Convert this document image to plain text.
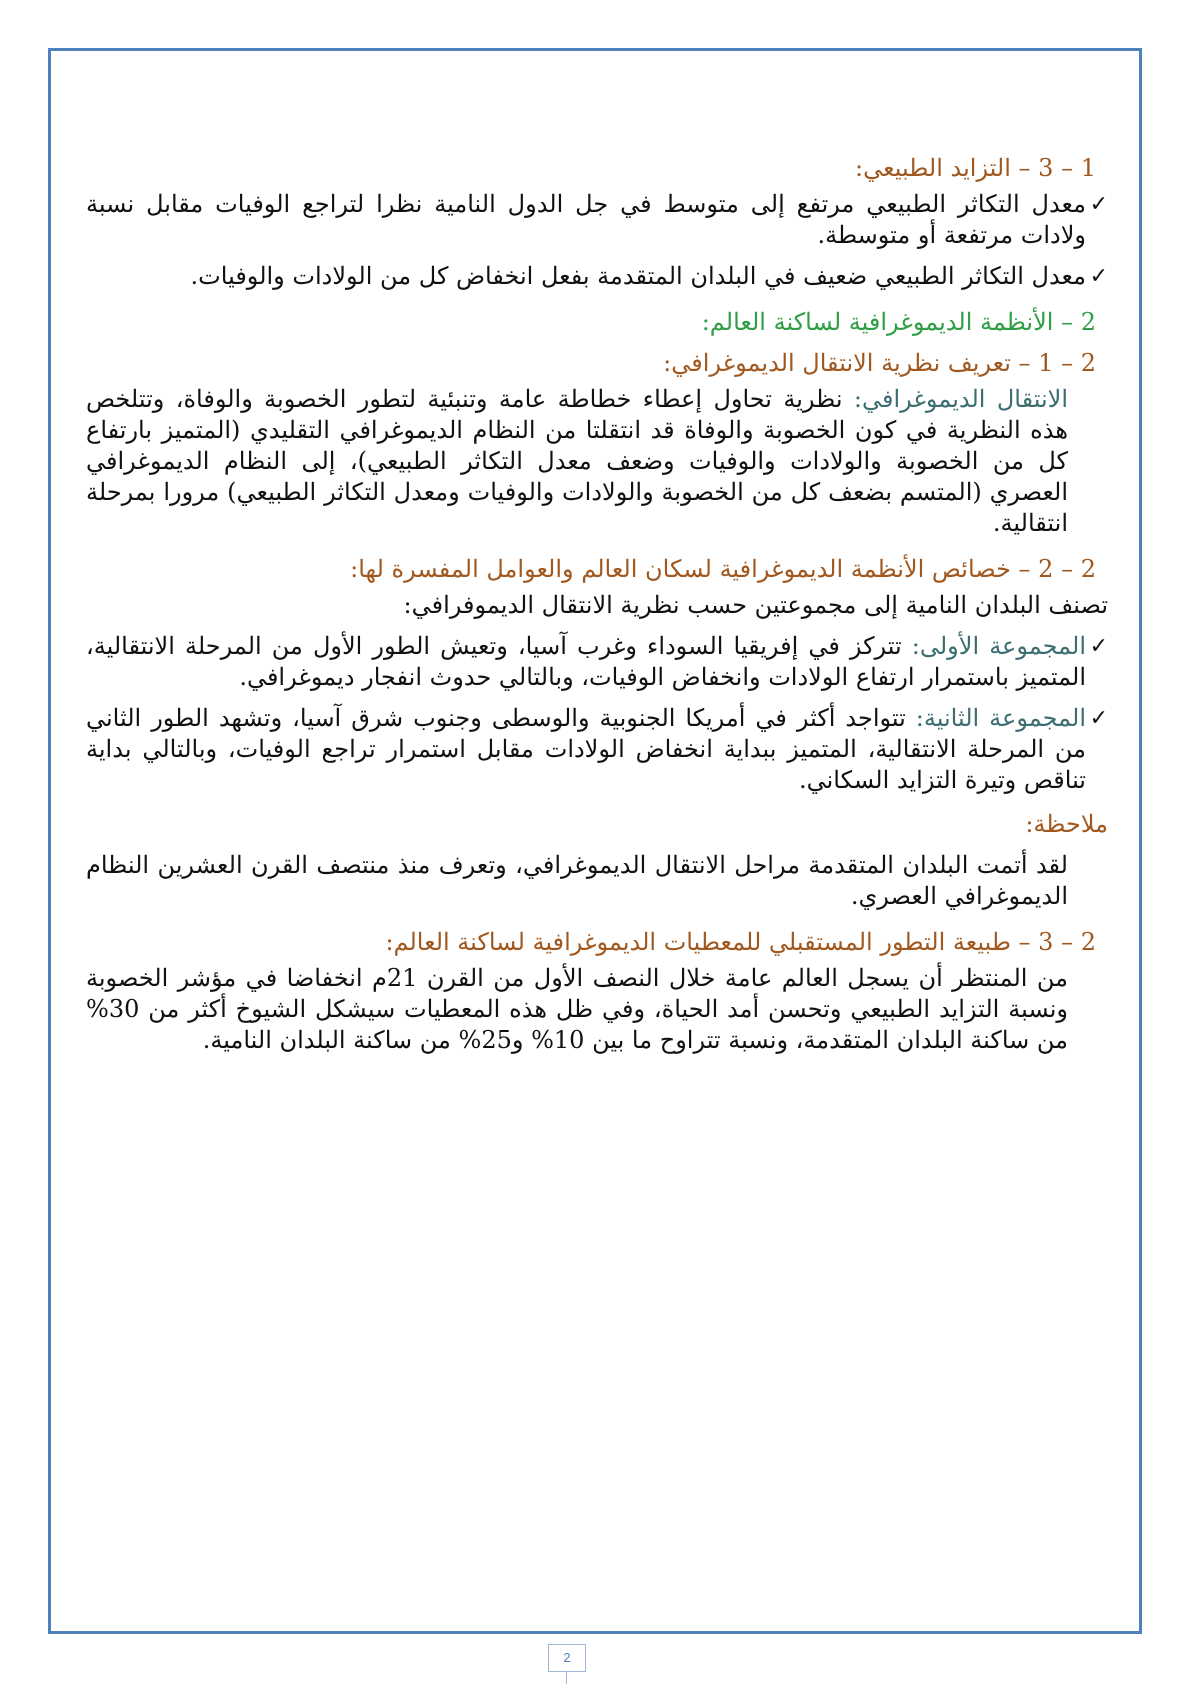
1 – 3 – التزايد الطبيعي:
✓

معدل التكاثر الطبيعي مرتفع إلى متوسط في جل الدول النامية نظرا لتراجع الوفيات مقابل نسبة ولادات مرتفعة أو متوسطة.

✓

معدل التكاثر الطبيعي ضعيف في البلدان المتقدمة بفعل انخفاض كل من الولادات والوفيات.

2 – الأنظمة الديموغرافية لساكنة العالم:
2 – 1 – تعريف نظرية الانتقال الديموغرافي:

الانتقال الديموغرافي: نظرية تحاول إعطاء خطاطة عامة وتنبئية لتطور الخصوبة والوفاة، وتتلخص هذه النظرية في كون الخصوبة والوفاة قد انتقلتا من النظام الديموغرافي التقليدي (المتميز بارتفاع كل من الخصوبة والولادات والوفيات وضعف معدل التكاثر الطبيعي)، إلى النظام الديموغرافي العصري (المتسم بضعف كل من الخصوبة والولادات والوفيات ومعدل التكاثر الطبيعي) مرورا بمرحلة انتقالية.

2 – 2 – خصائص الأنظمة الديموغرافية لسكان العالم والعوامل المفسرة لها:

تصنف البلدان النامية إلى مجموعتين حسب نظرية الانتقال الديموفرافي:

✓

المجموعة الأولى: تتركز في إفريقيا السوداء وغرب آسيا، وتعيش الطور الأول من المرحلة الانتقالية، المتميز باستمرار ارتفاع الولادات وانخفاض الوفيات، وبالتالي حدوث انفجار ديموغرافي.

✓

المجموعة الثانية: تتواجد أكثر في أمريكا الجنوبية والوسطى وجنوب شرق آسيا، وتشهد الطور الثاني من المرحلة الانتقالية، المتميز ببداية انخفاض الولادات مقابل استمرار تراجع الوفيات، وبالتالي بداية تناقص وتيرة التزايد السكاني.

ملاحظة:

لقد أتمت البلدان المتقدمة مراحل الانتقال الديموغرافي، وتعرف منذ منتصف القرن العشرين النظام الديموغرافي العصري.

2 – 3 – طبيعة التطور المستقبلي للمعطيات الديموغرافية لساكنة العالم:

من المنتظر أن يسجل العالم عامة خلال النصف الأول من القرن 21م انخفاضا في مؤشر الخصوبة ونسبة التزايد الطبيعي وتحسن أمد الحياة، وفي ظل هذه المعطيات سيشكل الشيوخ أكثر من 30% من ساكنة البلدان المتقدمة، ونسبة تتراوح ما بين 10% و25% من ساكنة البلدان النامية.

2
